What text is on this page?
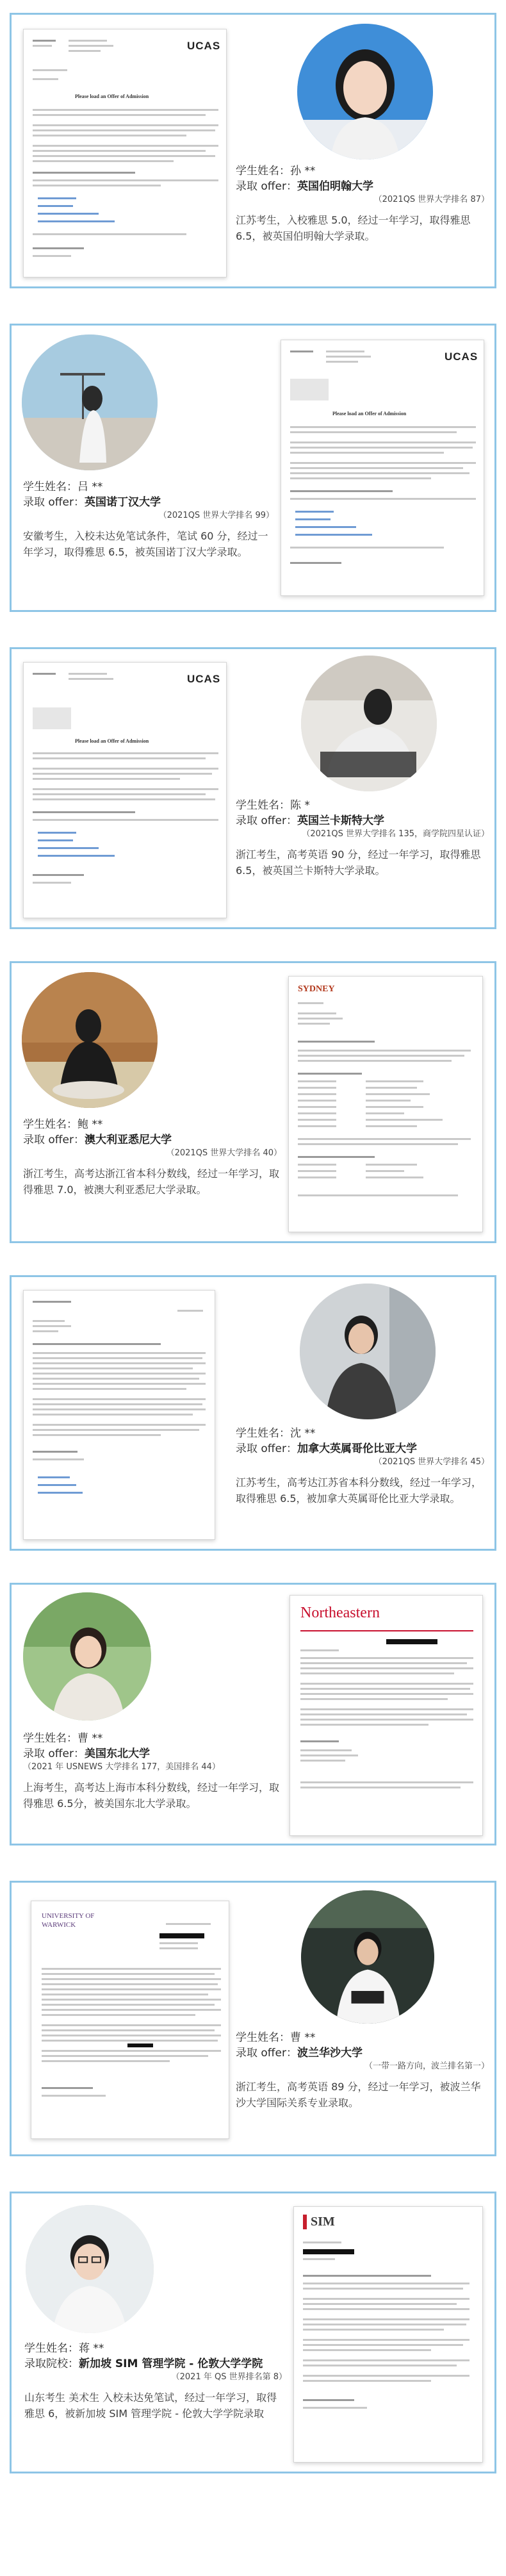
UCAS
Please load an Offer of Admission
学生姓名：孙 **
录取 offer：英国伯明翰大学
（2021QS 世界大学排名 87）
江苏考生，入校雅思 5.0，经过一年学习，取得雅思 6.5，被英国伯明翰大学录取。
UCAS
Please load an Offer of Admission
学生姓名：吕 **
录取 offer：英国诺丁汉大学
（2021QS 世界大学排名 99）
安徽考生，入校未达免笔试条件，笔试 60 分，经过一年学习，取得雅思 6.5，被英国诺丁汉大学录取。
UCAS
Please load an Offer of Admission
学生姓名：陈 *
录取 offer：英国兰卡斯特大学
（2021QS 世界大学排名 135，商学院四星认证）
浙江考生，高考英语 90 分，经过一年学习，取得雅思 6.5，被英国兰卡斯特大学录取。
SYDNEY
学生姓名：鲍 **
录取 offer：澳大利亚悉尼大学
（2021QS 世界大学排名 40）
浙江考生，高考达浙江省本科分数线，经过一年学习，取得雅思 7.0，被澳大利亚悉尼大学录取。
学生姓名：沈 **
录取 offer：加拿大英属哥伦比亚大学
（2021QS 世界大学排名 45）
江苏考生，高考达江苏省本科分数线，经过一年学习，取得雅思 6.5，被加拿大英属哥伦比亚大学录取。
Northeastern
学生姓名：曹 **
录取 offer：美国东北大学
（2021 年 USNEWS 大学排名 177，美国排名 44）
上海考生，高考达上海市本科分数线，经过一年学习，取得雅思 6.5分，被美国东北大学录取。
UNIVERSITY OF WARWICK
学生姓名：曹 **
录取 offer：波兰华沙大学
（一带一路方向，波兰排名第一）
浙江考生，高考英语 89 分，经过一年学习，被波兰华沙大学国际关系专业录取。
SIM
学生姓名：蒋 **
录取院校：新加坡 SIM 管理学院 - 伦敦大学学院
（2021 年 QS 世界排名第 8）
山东考生 美术生 入校未达免笔试，经过一年学习，取得雅思 6，被新加坡 SIM 管理学院 - 伦敦大学学院录取
